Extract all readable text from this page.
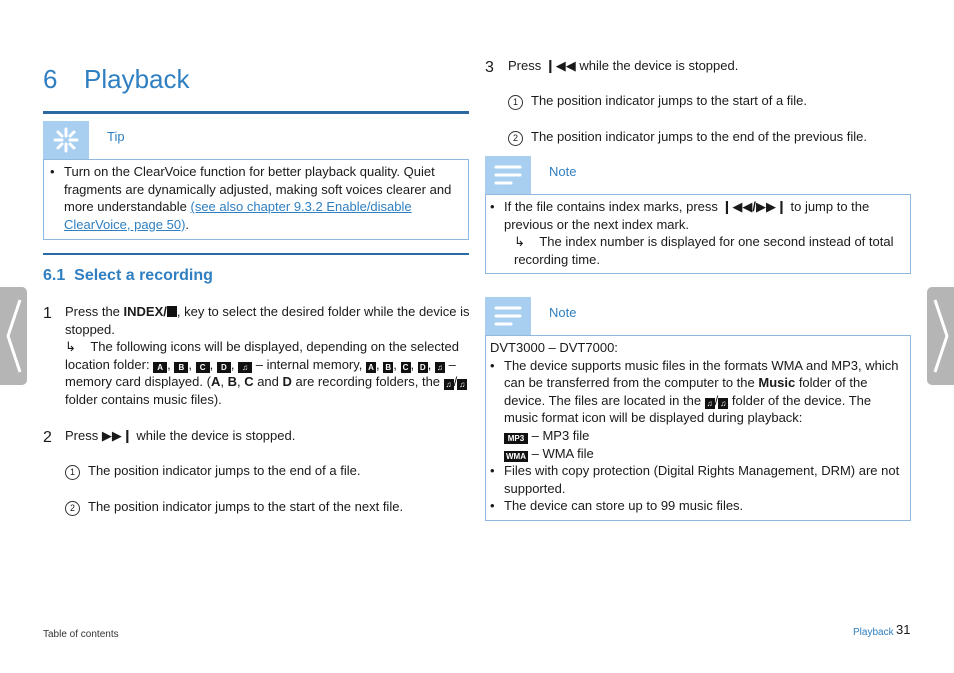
6 Playback
Tip
• Turn on the ClearVoice function for better playback quality. Quiet fragments are dynamically adjusted, making soft voices clearer and more understandable (see also chapter 9.3.2 Enable/disable ClearVoice, page 50).
6.1 Select a recording
1 Press the INDEX/ , key to select the desired folder while the device is stopped.
↳ The following icons will be displayed, depending on the selected location folder: A , B , C , D , ♫ – internal memory, A , B , C , D , ♫ – memory card displayed. (A, B, C and D are recording folders, the ♫ / ♫ folder contains music files).
2 Press ▶▶❙ while the device is stopped.
1 The position indicator jumps to the end of a file.
2 The position indicator jumps to the start of the next file.
3 Press ❙◀◀ while the device is stopped.
1 The position indicator jumps to the start of a file.
2 The position indicator jumps to the end of the previous file.
Note
• If the file contains index marks, press ❙◀◀/▶▶❙ to jump to the previous or the next index mark.
↳ The index number is displayed for one second instead of total recording time.
Note
DVT3000 – DVT7000:
• The device supports music files in the formats WMA and MP3, which can be transferred from the computer to the Music folder of the device. The files are located in the ♫ / ♫ folder of the device. The music format icon will be displayed during playback:
MP3 – MP3 file
WMA – WMA file
• Files with copy protection (Digital Rights Management, DRM) are not supported.
• The device can store up to 99 music files.
Table of contents	Playback 31
